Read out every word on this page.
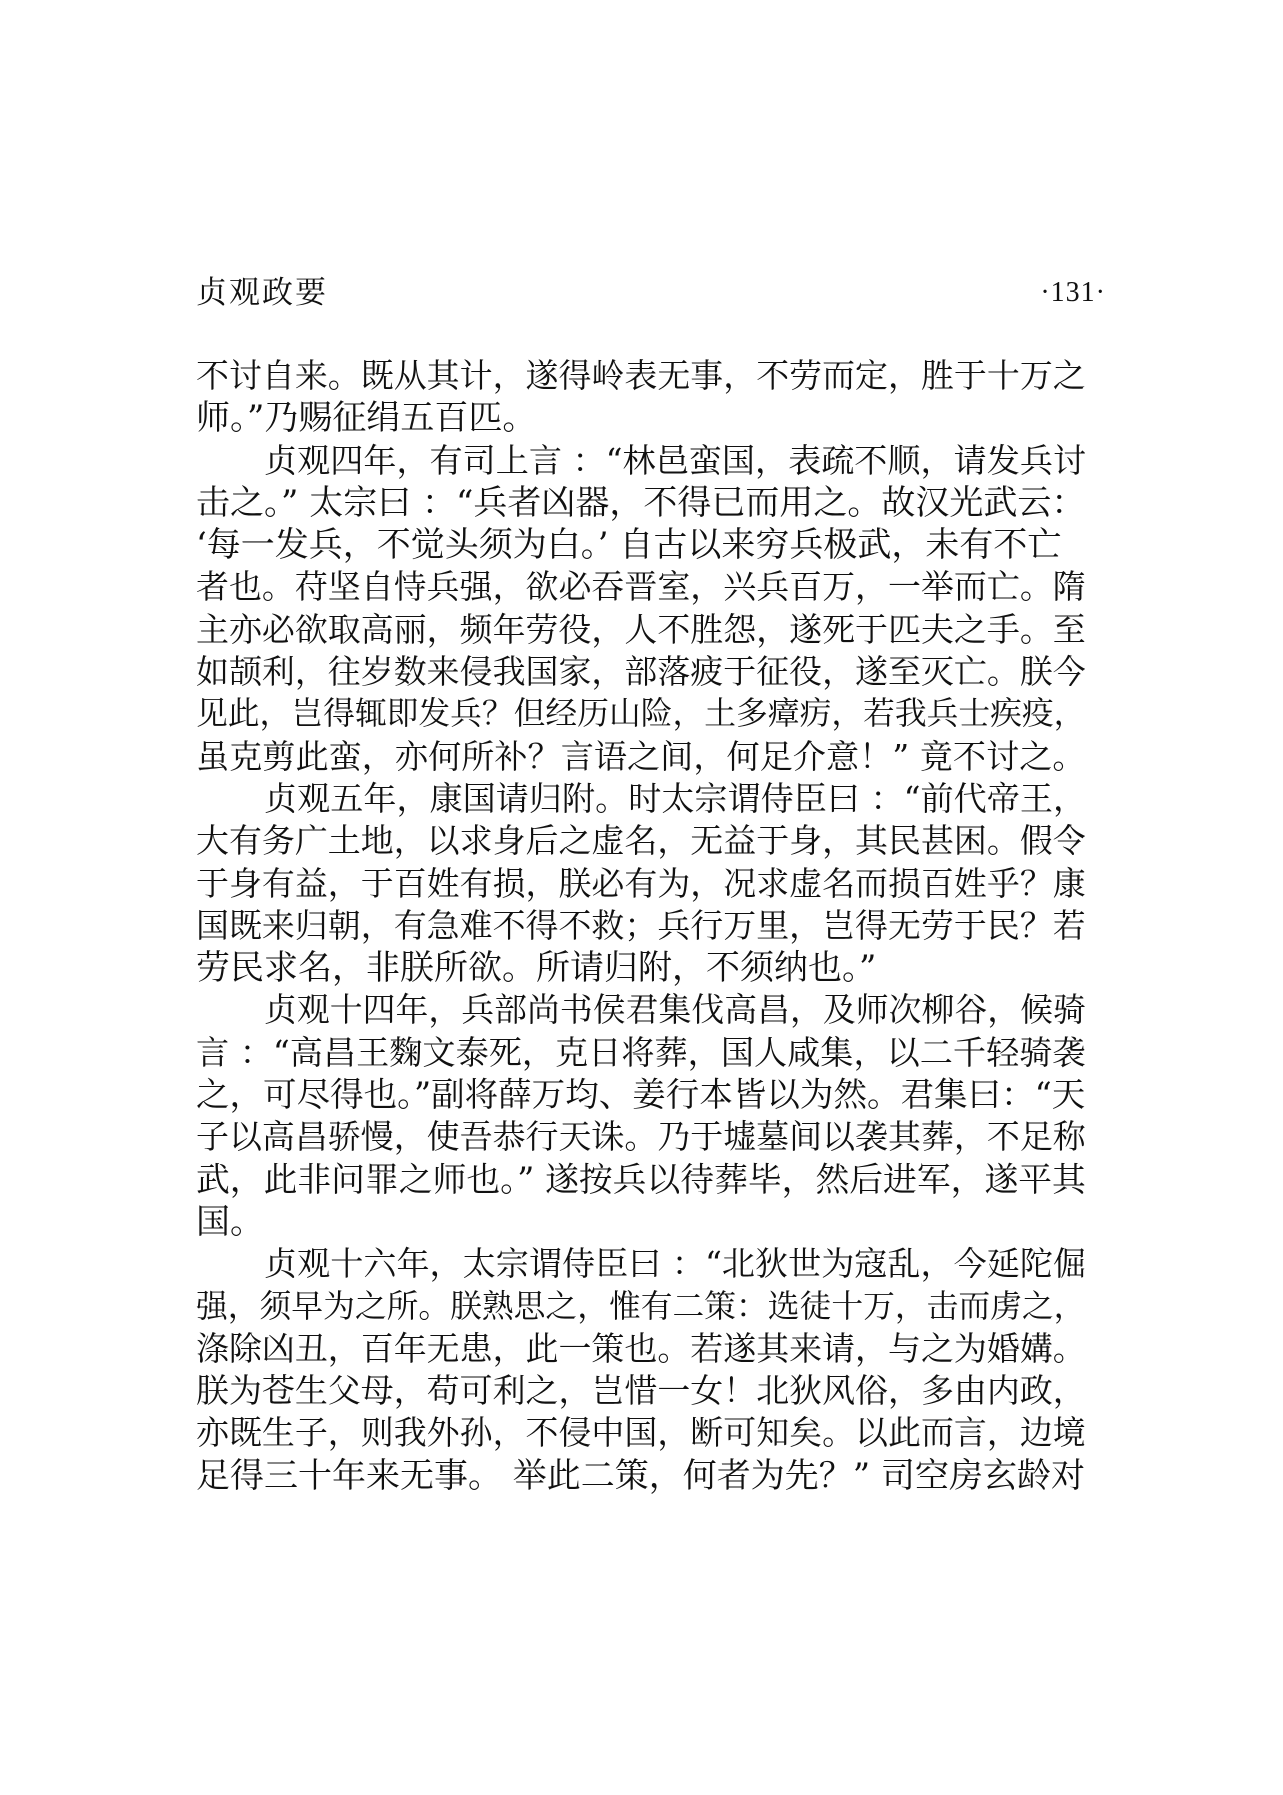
贞观政要	·131·
不讨自来。既从其计，遂得岭表无事，不劳而定，胜于十万之
师。”乃赐征绢五百匹。
贞观四年，有司上言 ：“林邑蛮国，表疏不顺，请发兵讨
击之。” 太宗曰 ：“兵者凶器，不得已而用之。故汉光武云：
‘每一发兵，不觉头须为白。’ 自古以来穷兵极武，未有不亡
者也。苻坚自恃兵强，欲必吞晋室，兴兵百万，一举而亡。隋
主亦必欲取高丽，频年劳役，人不胜怨，遂死于匹夫之手。至
如颉利，往岁数来侵我国家，部落疲于征役，遂至灭亡。朕今
见此，岂得辄即发兵？但经历山险，土多瘴疠，若我兵士疾疫，
虽克剪此蛮，亦何所补？言语之间，何足介意！” 竟不讨之。
贞观五年，康国请归附。时太宗谓侍臣曰 ：“前代帝王，
大有务广土地，以求身后之虚名，无益于身，其民甚困。假令
于身有益，于百姓有损，朕必有为，况求虚名而损百姓乎？康
国既来归朝，有急难不得不救；兵行万里，岂得无劳于民？若
劳民求名，非朕所欲。所请归附，不须纳也。”
贞观十四年，兵部尚书侯君集伐高昌，及师次柳谷，候骑
言 ：“高昌王麴文泰死，克日将葬，国人咸集，以二千轻骑袭
之，可尽得也。”副将薛万均、姜行本皆以为然。君集曰：“天
子以高昌骄慢，使吾恭行天诛。乃于墟墓间以袭其葬，不足称
武，此非问罪之师也。” 遂按兵以待葬毕，然后进军，遂平其
国。
贞观十六年，太宗谓侍臣曰 ：“北狄世为寇乱，今延陀倔
强，须早为之所。朕熟思之，惟有二策：选徒十万，击而虏之，
涤除凶丑，百年无患，此一策也。若遂其来请，与之为婚媾。
朕为苍生父母，苟可利之，岂惜一女！北狄风俗，多由内政，
亦既生子，则我外孙，不侵中国，断可知矣。以此而言，边境
足得三十年来无事。 举此二策，何者为先？” 司空房玄龄对
